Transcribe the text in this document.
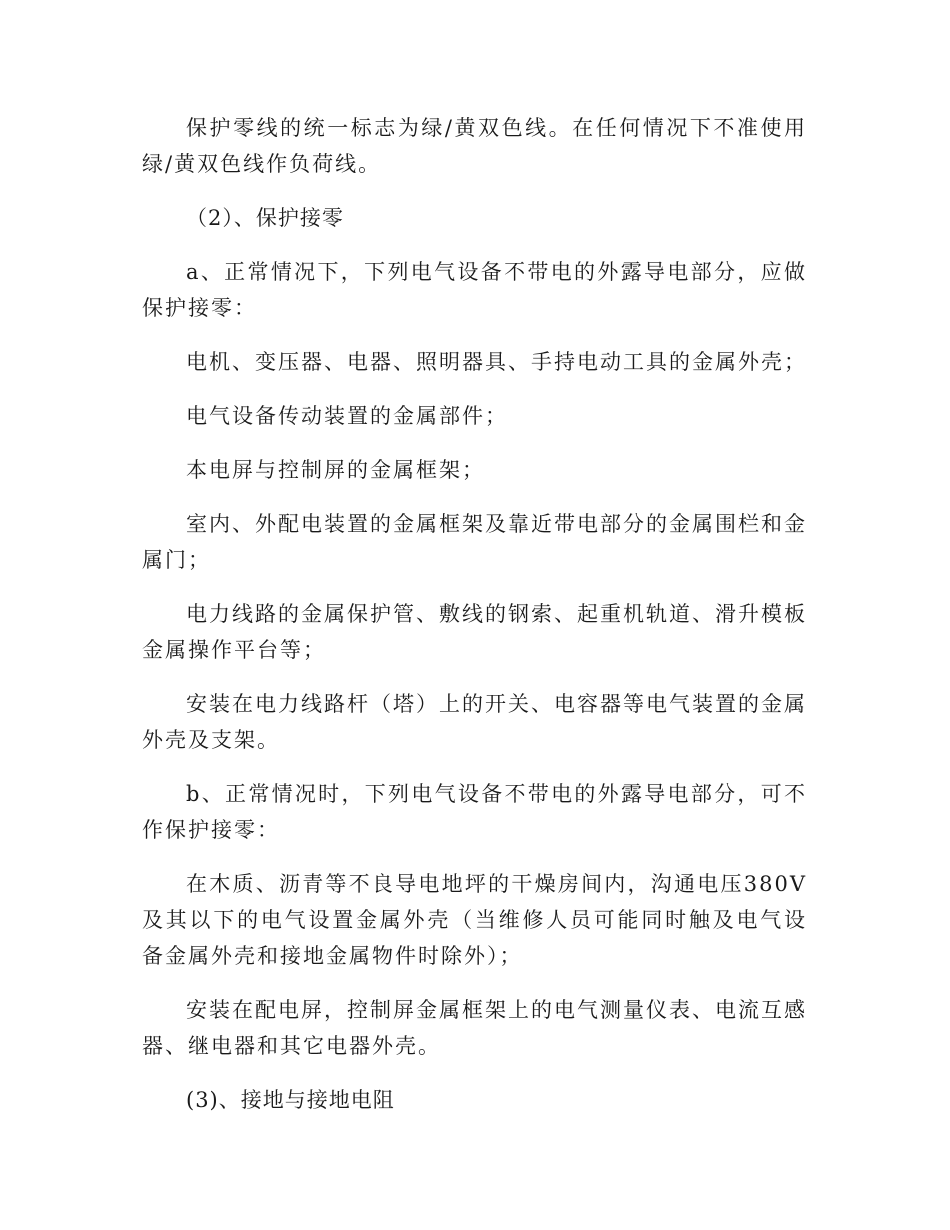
保护零线的统一标志为绿/黄双色线。在任何情况下不准使用绿/黄双色线作负荷线。

（2）、保护接零

a、正常情况下，下列电气设备不带电的外露导电部分，应做保护接零：

电机、变压器、电器、照明器具、手持电动工具的金属外壳；

电气设备传动装置的金属部件；

本电屏与控制屏的金属框架；

室内、外配电装置的金属框架及靠近带电部分的金属围栏和金属门；

电力线路的金属保护管、敷线的钢索、起重机轨道、滑升模板金属操作平台等；

安装在电力线路杆（塔）上的开关、电容器等电气装置的金属外壳及支架。

b、正常情况时，下列电气设备不带电的外露导电部分，可不作保护接零：

在木质、沥青等不良导电地坪的干燥房间内，沟通电压380V及其以下的电气设置金属外壳（当维修人员可能同时触及电气设备金属外壳和接地金属物件时除外）；

安装在配电屏，控制屏金属框架上的电气测量仪表、电流互感器、继电器和其它电器外壳。

(3)、接地与接地电阻
